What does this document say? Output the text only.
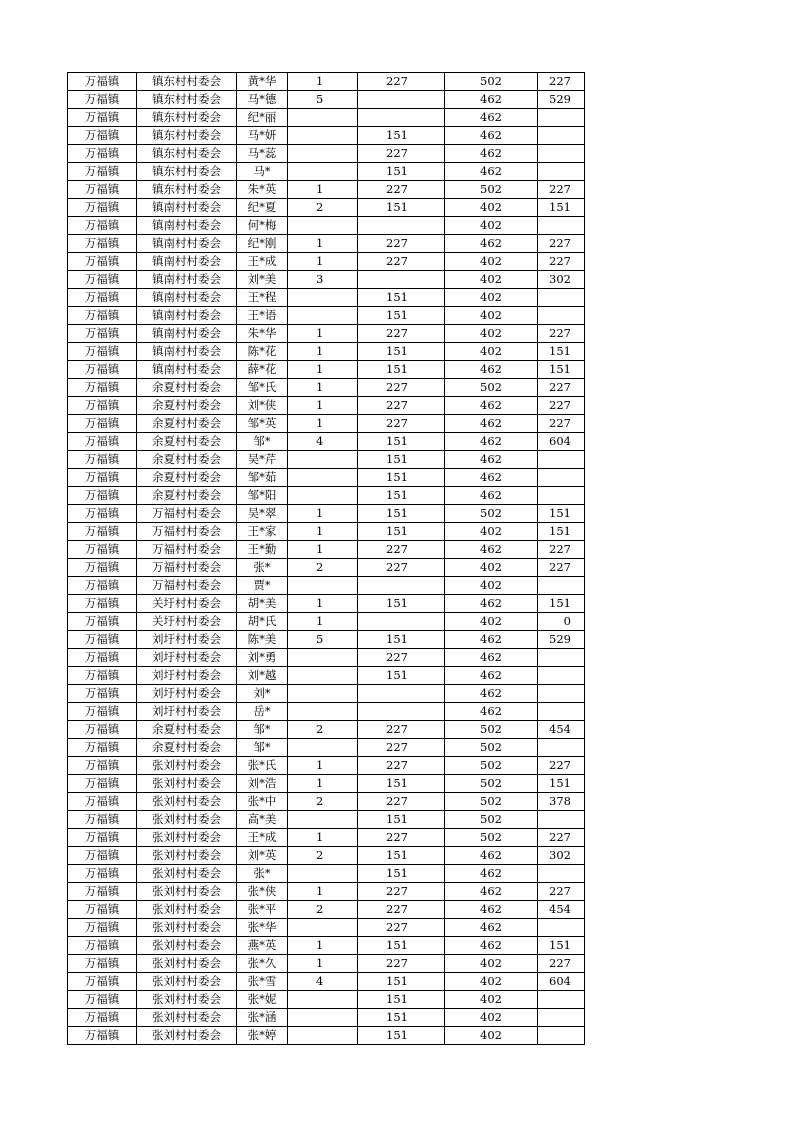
万福镇	镇东村村委会	黄*华	1	227	502	227
万福镇	镇东村村委会	马*德	5		462	529
万福镇	镇东村村委会	纪*丽			462	
万福镇	镇东村村委会	马*妍		151	462	
万福镇	镇东村村委会	马*蕊		227	462	
万福镇	镇东村村委会	马*		151	462	
万福镇	镇东村村委会	朱*英	1	227	502	227
万福镇	镇南村村委会	纪*夏	2	151	402	151
万福镇	镇南村村委会	何*梅			402	
万福镇	镇南村村委会	纪*刚	1	227	462	227
万福镇	镇南村村委会	王*成	1	227	402	227
万福镇	镇南村村委会	刘*美	3		402	302
万福镇	镇南村村委会	王*程		151	402	
万福镇	镇南村村委会	王*语		151	402	
万福镇	镇南村村委会	朱*华	1	227	402	227
万福镇	镇南村村委会	陈*花	1	151	402	151
万福镇	镇南村村委会	薛*花	1	151	462	151
万福镇	余夏村村委会	邹*氏	1	227	502	227
万福镇	余夏村村委会	刘*侠	1	227	462	227
万福镇	余夏村村委会	邹*英	1	227	462	227
万福镇	余夏村村委会	邹*	4	151	462	604
万福镇	余夏村村委会	吴*芹		151	462	
万福镇	余夏村村委会	邹*茹		151	462	
万福镇	余夏村村委会	邹*阳		151	462	
万福镇	万福村村委会	吴*翠	1	151	502	151
万福镇	万福村村委会	王*家	1	151	402	151
万福镇	万福村村委会	王*勤	1	227	462	227
万福镇	万福村村委会	张*	2	227	402	227
万福镇	万福村村委会	贾*			402	
万福镇	关圩村村委会	胡*美	1	151	462	151
万福镇	关圩村村委会	胡*氏	1		402	0
万福镇	刘圩村村委会	陈*美	5	151	462	529
万福镇	刘圩村村委会	刘*勇		227	462	
万福镇	刘圩村村委会	刘*越		151	462	
万福镇	刘圩村村委会	刘*			462	
万福镇	刘圩村村委会	岳*			462	
万福镇	余夏村村委会	邹*	2	227	502	454
万福镇	余夏村村委会	邹*		227	502	
万福镇	张刘村村委会	张*氏	1	227	502	227
万福镇	张刘村村委会	刘*浩	1	151	502	151
万福镇	张刘村村委会	张*中	2	227	502	378
万福镇	张刘村村委会	高*美		151	502	
万福镇	张刘村村委会	王*成	1	227	502	227
万福镇	张刘村村委会	刘*英	2	151	462	302
万福镇	张刘村村委会	张*		151	462	
万福镇	张刘村村委会	张*侠	1	227	462	227
万福镇	张刘村村委会	张*平	2	227	462	454
万福镇	张刘村村委会	张*华		227	462	
万福镇	张刘村村委会	燕*英	1	151	462	151
万福镇	张刘村村委会	张*久	1	227	402	227
万福镇	张刘村村委会	张*雪	4	151	402	604
万福镇	张刘村村委会	张*妮		151	402	
万福镇	张刘村村委会	张*涵		151	402	
万福镇	张刘村村委会	张*婷		151	402	
